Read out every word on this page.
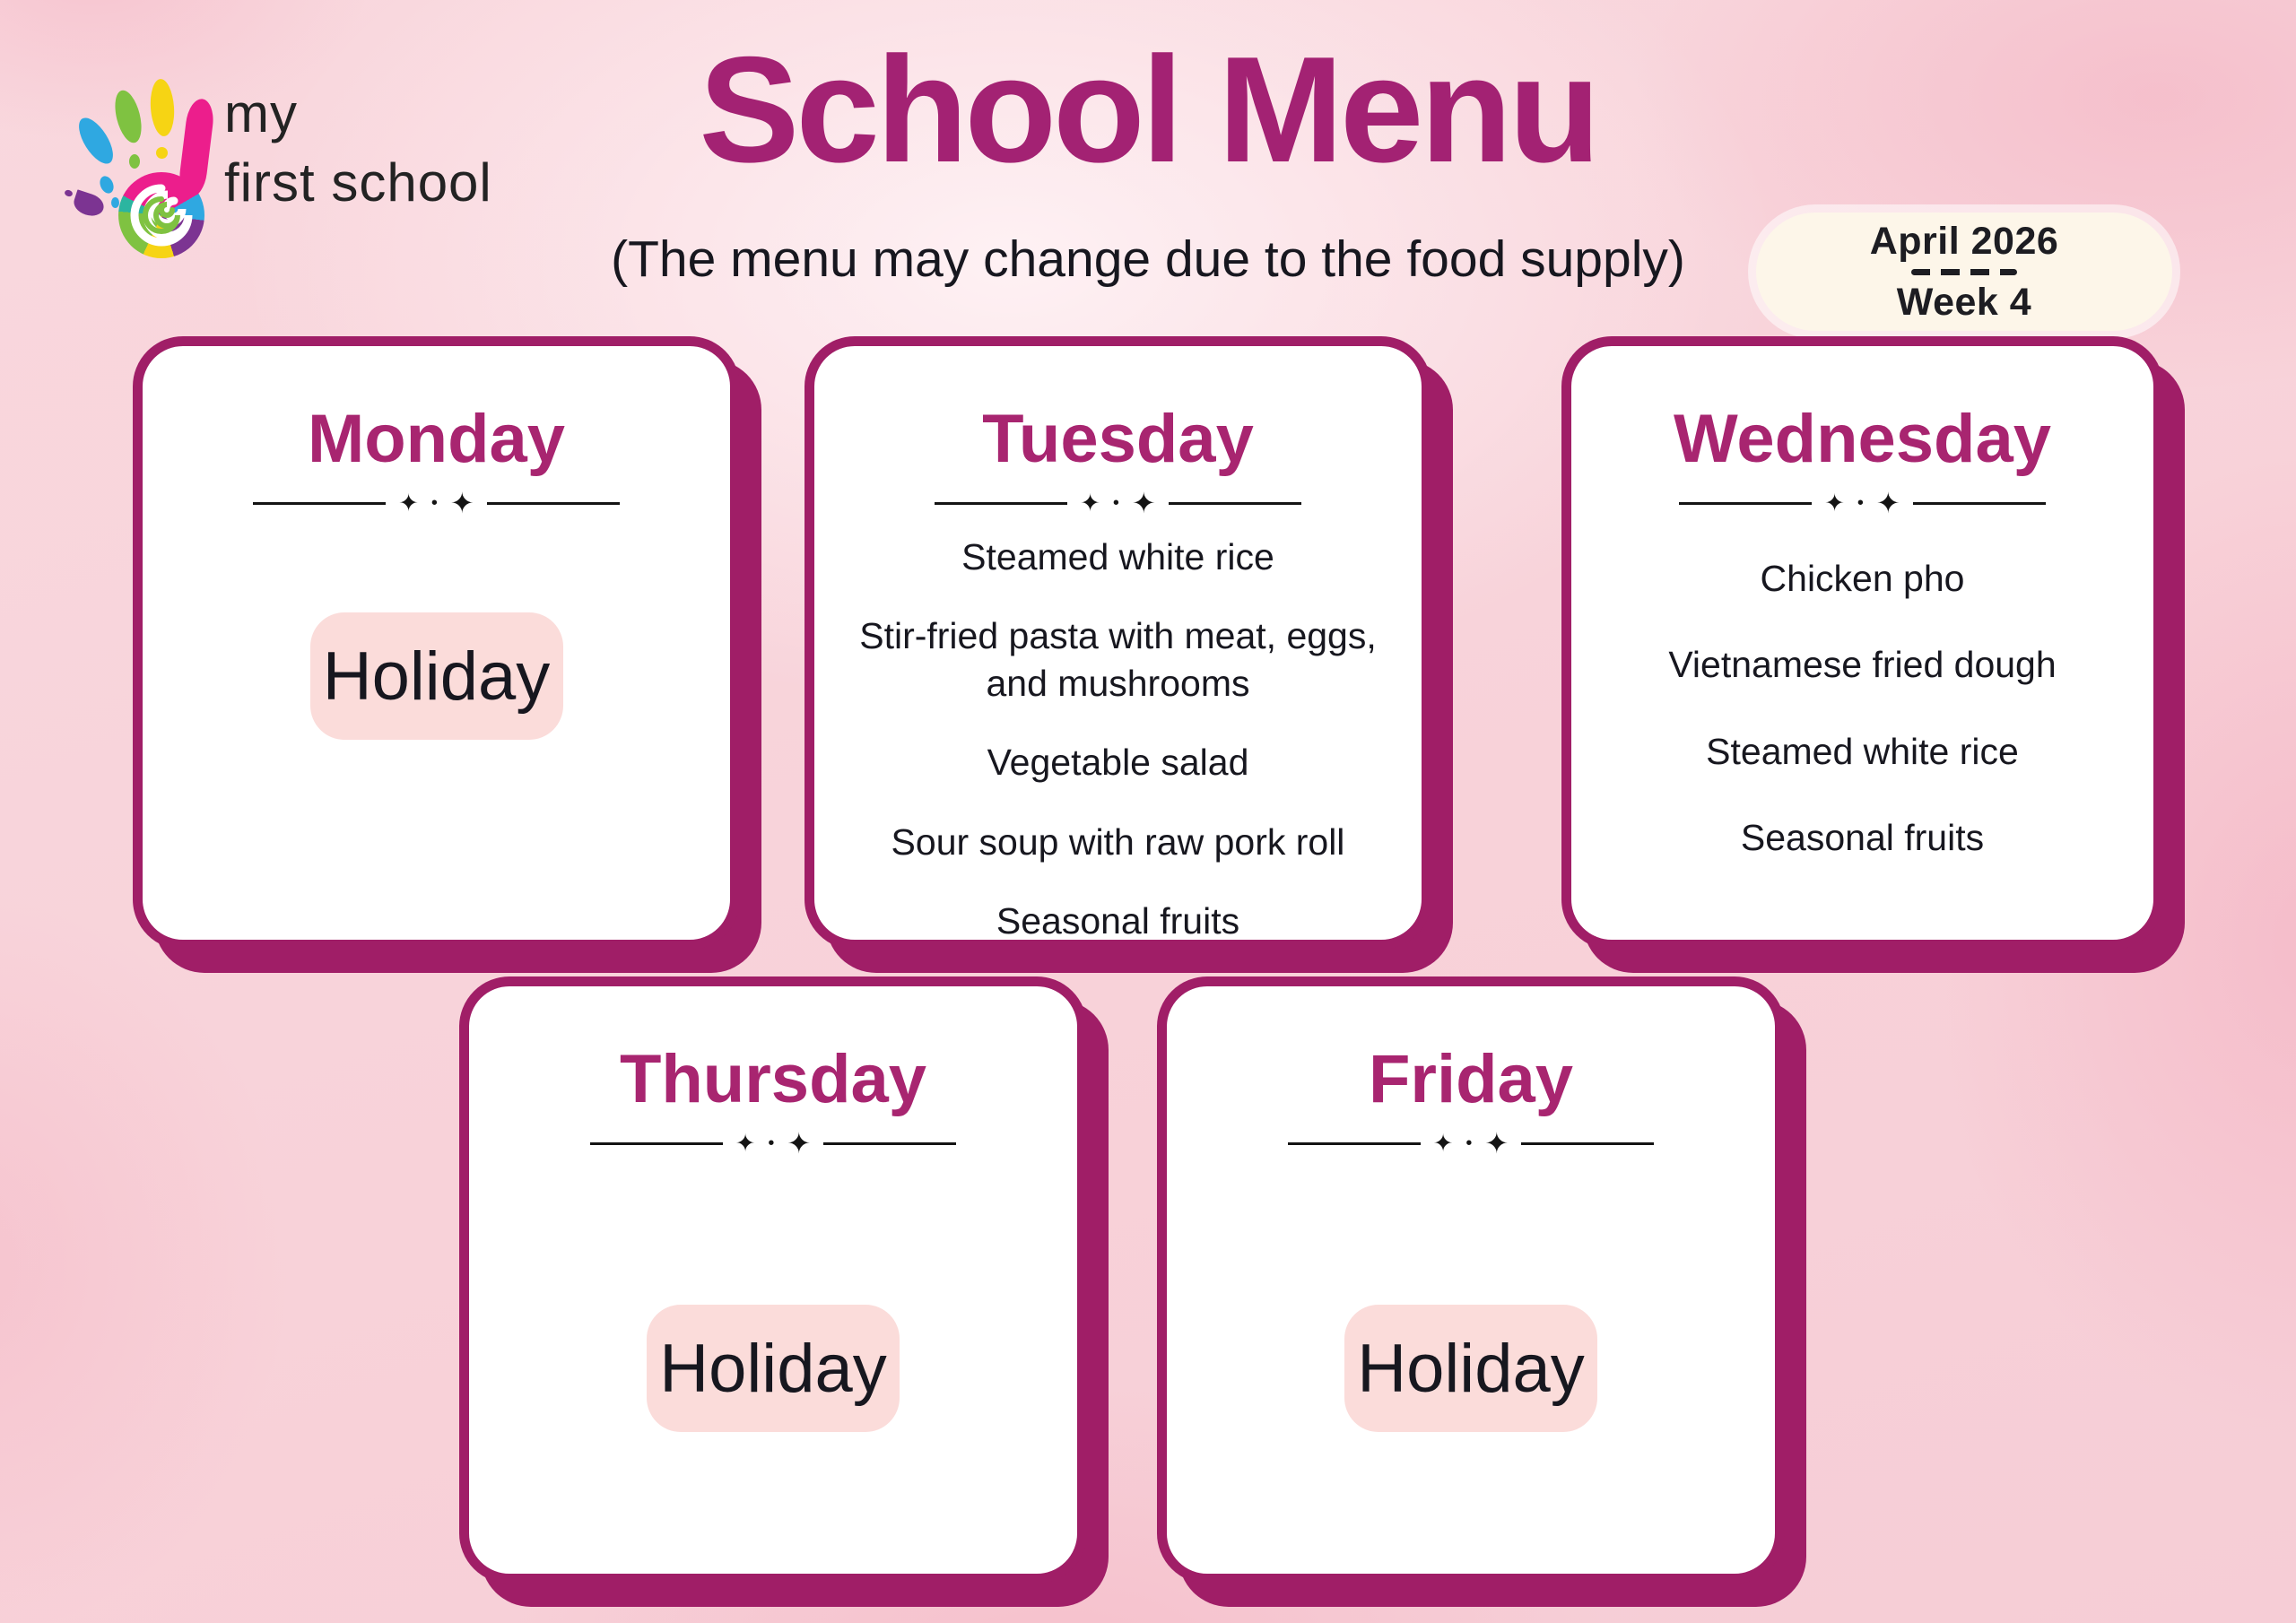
my
first school	School Menu
(The menu may change due to the food supply)	April 2026
Week 4
Monday
✦ • ✦
Holiday
Tuesday
✦ • ✦
Steamed white rice
Stir-fried pasta with meat, eggs, and mushrooms
Vegetable salad
Sour soup with raw pork roll
Seasonal fruits
Wednesday
✦ • ✦
Chicken pho
Vietnamese fried dough
Steamed white rice
Seasonal fruits
Thursday
✦ • ✦
Holiday
Friday
✦ • ✦
Holiday
